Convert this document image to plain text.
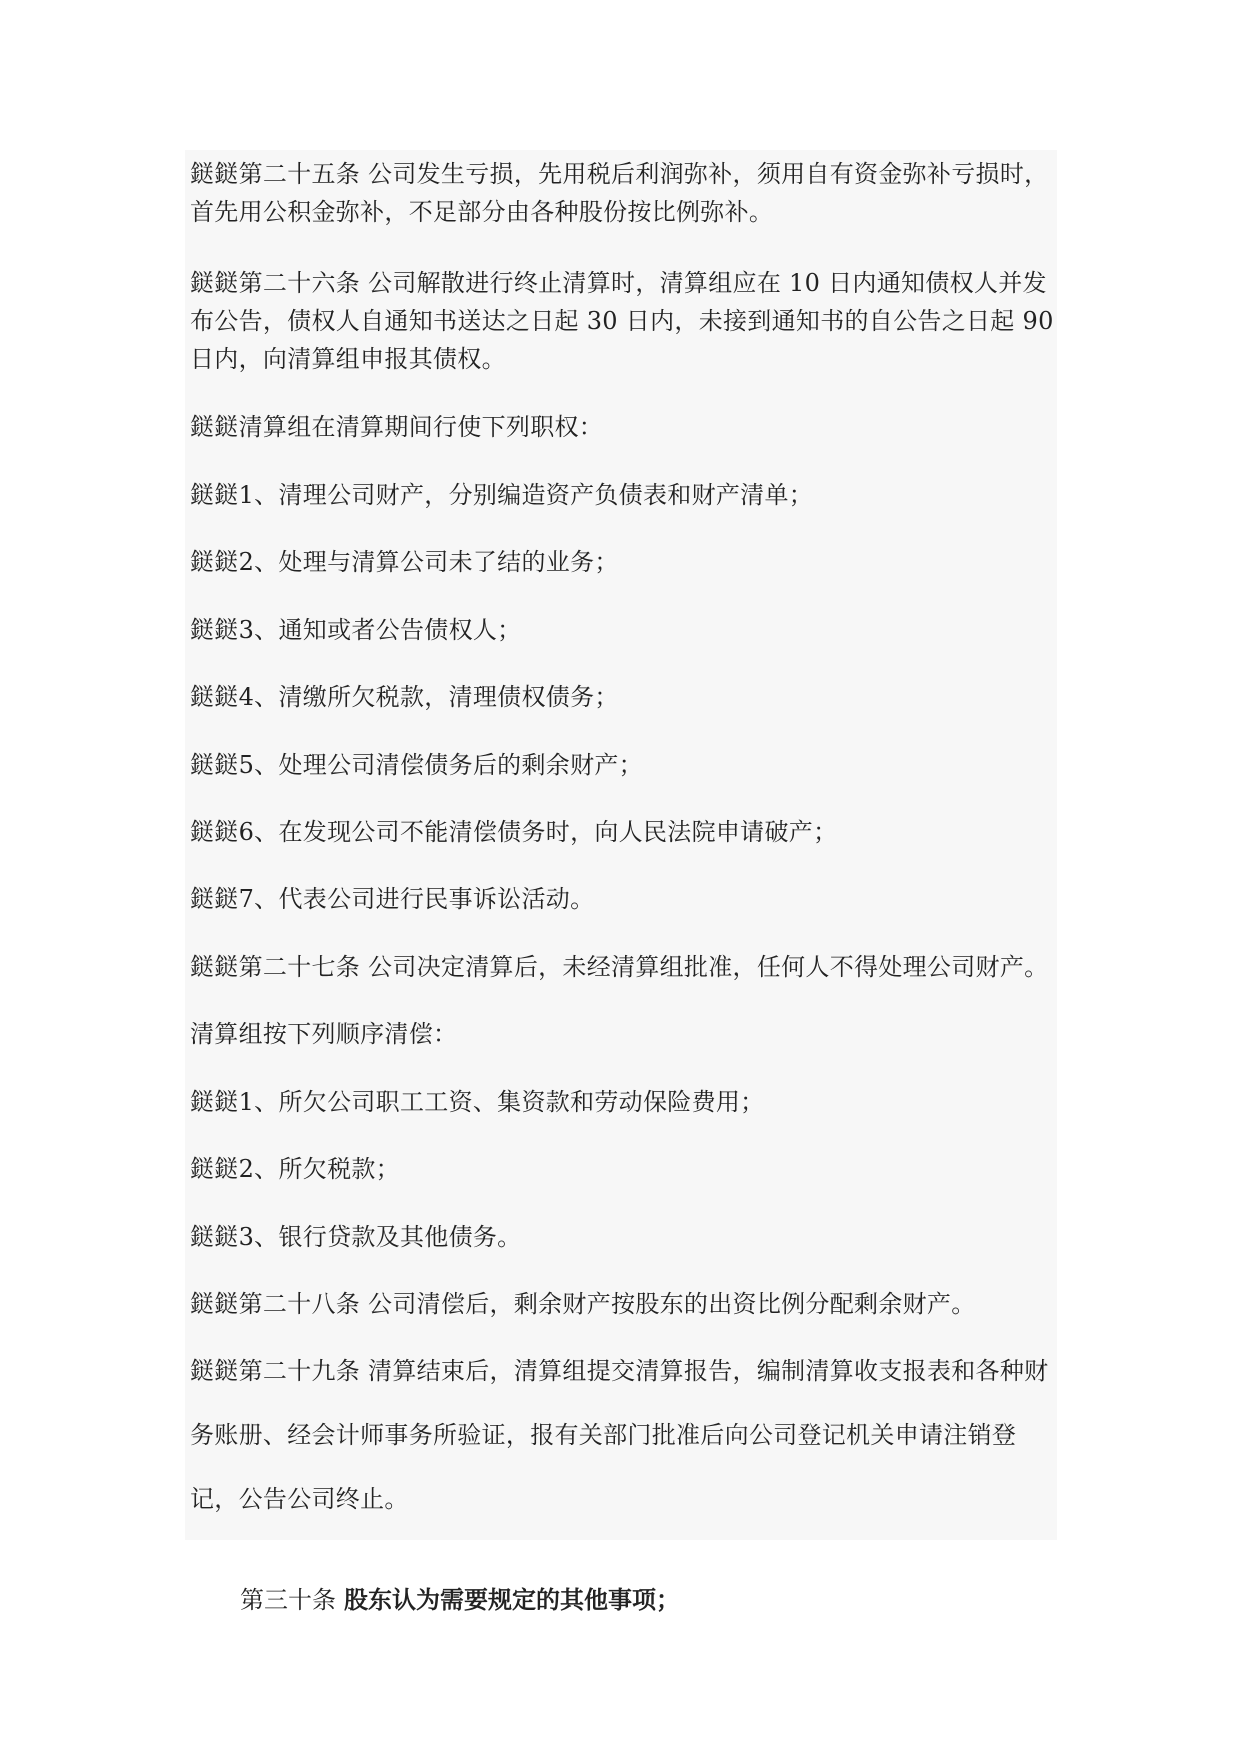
鎹鎹第二十五条 公司发生亏损，先用税后利润弥补，须用自有资金弥补亏损时，首先用公积金弥补，不足部分由各种股份按比例弥补。

鎹鎹第二十六条 公司解散进行终止清算时，清算组应在 10 日内通知债权人并发布公告，债权人自通知书送达之日起 30 日内，未接到通知书的自公告之日起 90 日内，向清算组申报其债权。

鎹鎹清算组在清算期间行使下列职权：

鎹鎹1、清理公司财产，分别编造资产负债表和财产清单；

鎹鎹2、处理与清算公司未了结的业务；

鎹鎹3、通知或者公告债权人；

鎹鎹4、清缴所欠税款，清理债权债务；

鎹鎹5、处理公司清偿债务后的剩余财产；

鎹鎹6、在发现公司不能清偿债务时，向人民法院申请破产；

鎹鎹7、代表公司进行民事诉讼活动。

鎹鎹第二十七条 公司决定清算后，未经清算组批准，任何人不得处理公司财产。

清算组按下列顺序清偿：

鎹鎹1、所欠公司职工工资、集资款和劳动保险费用；

鎹鎹2、所欠税款；

鎹鎹3、银行贷款及其他债务。

鎹鎹第二十八条 公司清偿后，剩余财产按股东的出资比例分配剩余财产。

鎹鎹第二十九条 清算结束后，清算组提交清算报告，编制清算收支报表和各种财务账册、经会计师事务所验证，报有关部门批准后向公司登记机关申请注销登记，公告公司终止。

第三十条 股东认为需要规定的其他事项；
